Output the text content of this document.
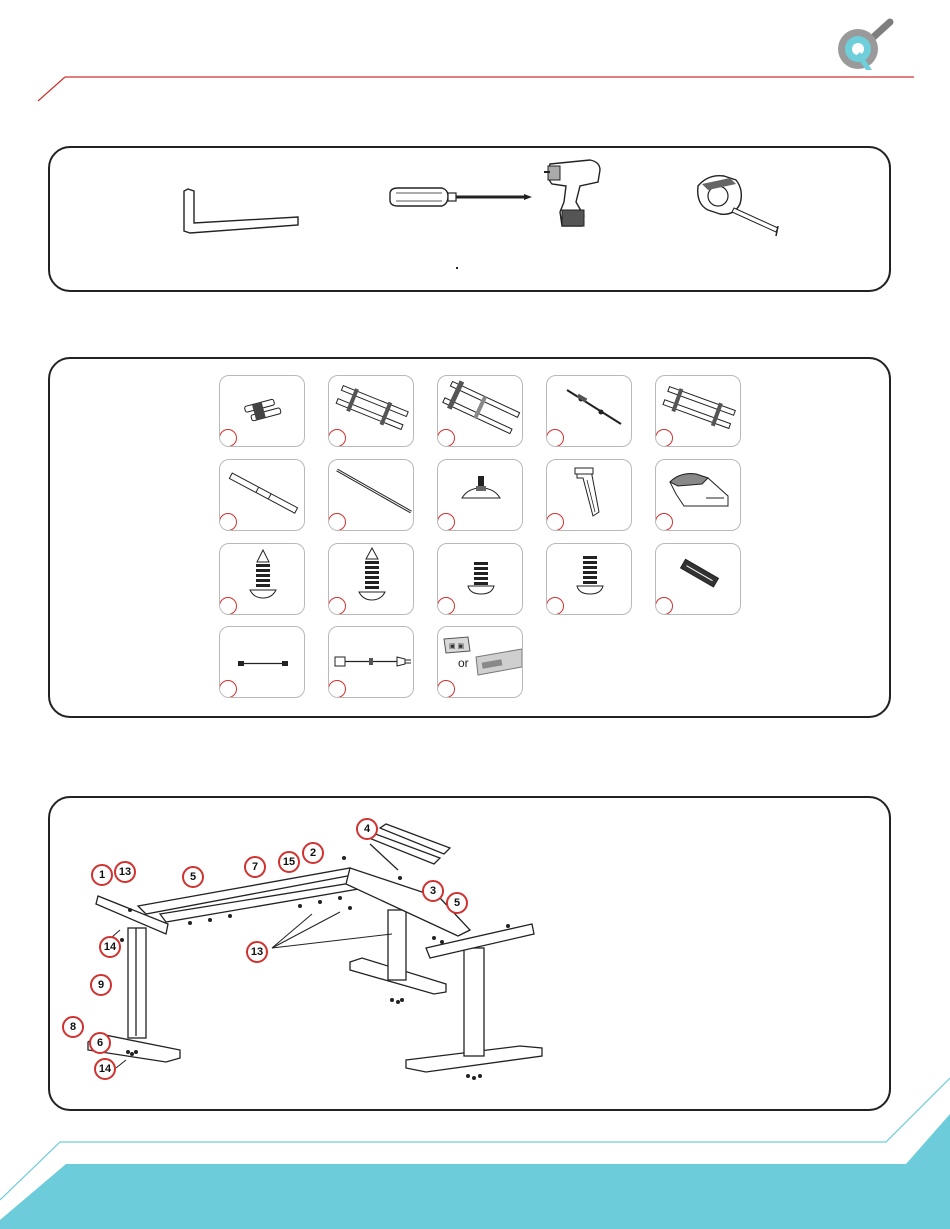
▣ ▣
or
4
2
15
7
13
1	5
3
5
14	13
9
8
6
14
